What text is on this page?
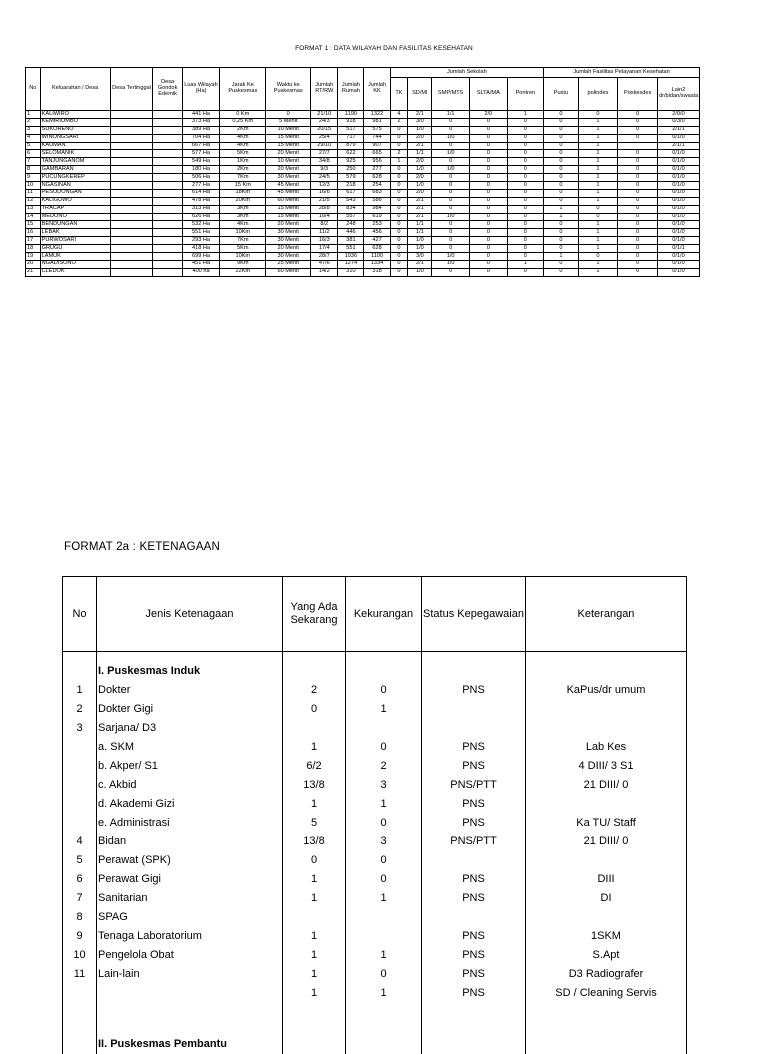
FORMAT 1 : DATA WILAYAH DAN FASILITAS KESEHATAN
No	Keluarahan / Desa	Desa Tertinggal	Desa Gondok Edemik	Luas Wilayah (Ha)	Jarak Ke Puskesmas	Waktu ke Puskesmas	Jumlah RT/RW	Jumlah Rumah	Jumlah KK	Jumlah Sekolah					Jumlah Fasilitas Pelayanan Kesehatan			
										TK	SD/MI	SMP/MTS	SLTA/MA	Pontren	Pustu	polindes	Poskesdes	Lain2 dr/bidan/swasta
1	KALIWIRO			441 Ha	0 Km	0	21/10	1190	1322	4	2/1	1/1	2/0	1	0	0	0	2/0/0
2	KEMIRIOMBO			373 Ha	0,25 Km	5 Menit	24/3	918	981	2	3/0	0	0	0	0	1	0	0/3/0
3	SUKORENO			389 Ha	2Km	10 Menit	20/15	517	575	0	1/0	0	0	0	0	1	0	2/1/1
4	WINONGSARI			704 Ha	4Km	15 Menit	25/4	717	744	0	2/0	1/0	0	0	0	1	0	0/1/0
5	KAUMAN			667 Ha	4Km	15 Menit	29/10	879	907	0	2/1	0	0	0	0	1		2/1/1
6	SELOMANIK			577 Ha	5Km	20 Menit	27/7	622	665	2	1/1	1/0	0	0	0	1	0	0/1/0
7	TANJUNGANOM			549 Ha	1Km	10 Menit	34/8	925	956	1	2/0	0	0	0	0	1	0	0/1/0
8	GAMBARAN			180 Ha	2Km	20 Menit	9/3	250	277	0	1/0	1/0	0	0	0	1	0	0/1/0
9	PUCUNGKEREP			506 Ha	7Km	30 Menit	24/5	579	628	0	2/0	0	0	0	0	1	0	0/1/0
10	NGASINAN			277 Ha	15 Km	45 Menit	12/3	218	254	0	1/0	0	0	0	0	1	0	0/1/0
11	PESODONGAN			614 Ha	18Km	45 Menit	16/6	617	683	0	2/0	0	0	0	0	1	0	0/1/0
12	KALIGUWO			478 Ha	20Km	60 Menit	21/5	543	586	0	2/1	0	0	0	0	1	0	0/1/0
13	TRACAP			313 Ha	3Km	15 Menit	28/8	834	984	0	2/1	0	0	0	1	0	0	0/1/0
14	MEDONO			626 Ha	3Km	15 Menit	16/4	557	619	0	2/1	1/0	0	0	1	0	0	0/1/0
15	BENDUNGAN			532 Ha	4Km	20 Menit	8/2	248	253	0	1/1	0	0	0	0	1	0	0/1/0
16	LEBAK			551 Ha	10Km	30 Menit	11/2	446	456	0	1/1	0	0	0	0	1	0	0/1/0
17	PURWOSARI			293 Ha	7Km	30 Menit	16/3	381	427	0	1/0	0	0	0	0	1	0	0/1/0
18	GRUGU			418 Ha	5Km	20 Menit	17/4	551	628	0	1/0	0	0	0	0	1	0	0/1/1
19	LAMUK			699 Ha	10Km	30 Menit	28/7	1036	1100	0	3/0	1/0	0	0	1	0	0	0/1/0
20	NGADISONO			451 Ha	9Km	25 Menit	47/6	1274	1334	0	2/1	1/0	0	1	0	1	0	0/1/0
21	CLEDOK			400 ha	22Km	60 Menit	14/2	310	318	0	1/0	0	0	0	0	1	0	0/1/0
FORMAT 2a : KETENAGAAN
No	Jenis Ketenagaan	Yang Ada Sekarang	Kekurangan	Status Kepegawaian	Keterangan

	I. Puskesmas Induk				
1	Dokter	2	0	PNS	KaPus/dr umum
2	Dokter Gigi	0	1		
3	Sarjana/ D3				
	a. SKM	1	0	PNS	Lab Kes
	b. Akper/ S1	6/2	2	PNS	4 DIII/ 3 S1
	c. Akbid	13/8	3	PNS/PTT	21 DIII/ 0
	d. Akademi Gizi	1	1	PNS	
	e. Administrasi	5	0	PNS	Ka TU/ Staff
4	Bidan	13/8	3	PNS/PTT	21 DIII/ 0
5	Perawat (SPK)	0	0		
6	Perawat Gigi	1	0	PNS	DIII
7	Sanitarian	1	1	PNS	DI
8	SPAG				
9	Tenaga Laboratorium	1		PNS	1SKM
10	Pengelola Obat	1	1	PNS	S.Apt
11	Lain-lain	1	0	PNS	D3 Radiografer
		1	1	PNS	SD / Cleaning Servis

	II. Puskesmas Pembantu				
